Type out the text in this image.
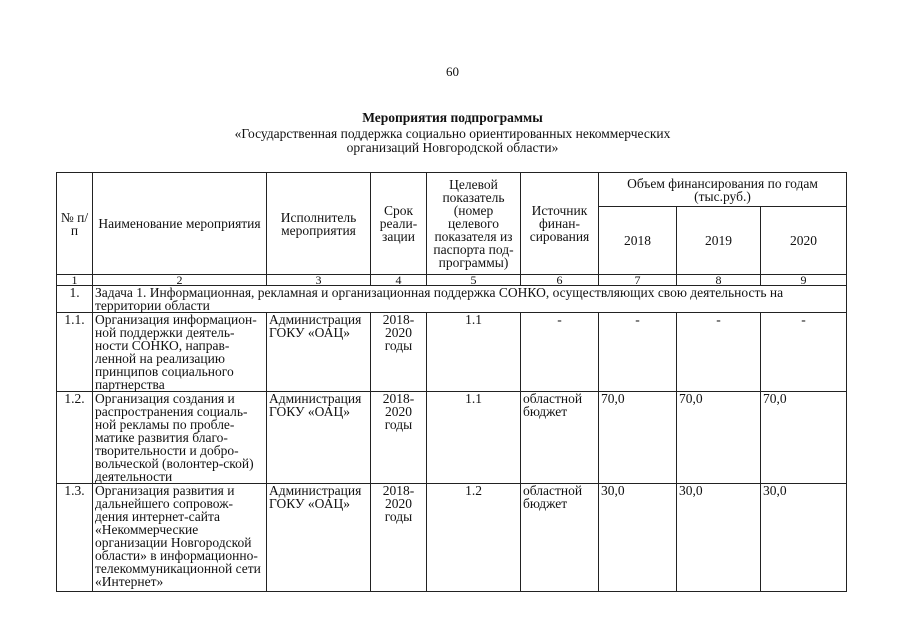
60
Мероприятия подпрограммы
«Государственная поддержка социально ориентированных некоммерческих
организаций Новгородской области»
№ п/п	Наименование мероприятия	Исполнитель мероприятия	Срок реали-зации	Целевой показатель (номер целевого показателя из паспорта под-программы)	Источник финан-сирования	Объем финансирования по годам (тыс.руб.)		
						2018	2019	2020
1	2	3	4	5	6	7	8	9
1.	Задача 1. Информационная, рекламная и организационная поддержка СОНКО, осуществляющих свою деятельность на территории области							
1.1.	Организация информацион-ной поддержки деятель-ности СОНКО, направ-ленной на реализацию принципов социального партнерства	Администрация ГОКУ «ОАЦ»	2018-2020 годы	1.1	-	-	-	-
1.2.	Организация создания и распространения социаль-ной рекламы по пробле-матике развития благо-творительности и добро-вольческой (волонтер-ской) деятельности	Администрация ГОКУ «ОАЦ»	2018-2020 годы	1.1	областной бюджет	70,0	70,0	70,0
1.3.	Организация развития и дальнейшего сопровож-дения интернет-сайта «Некоммерческие организации Новгородской области» в информационно-телекоммуникационной сети «Интернет»	Администрация ГОКУ «ОАЦ»	2018-2020 годы	1.2	областной бюджет	30,0	30,0	30,0
